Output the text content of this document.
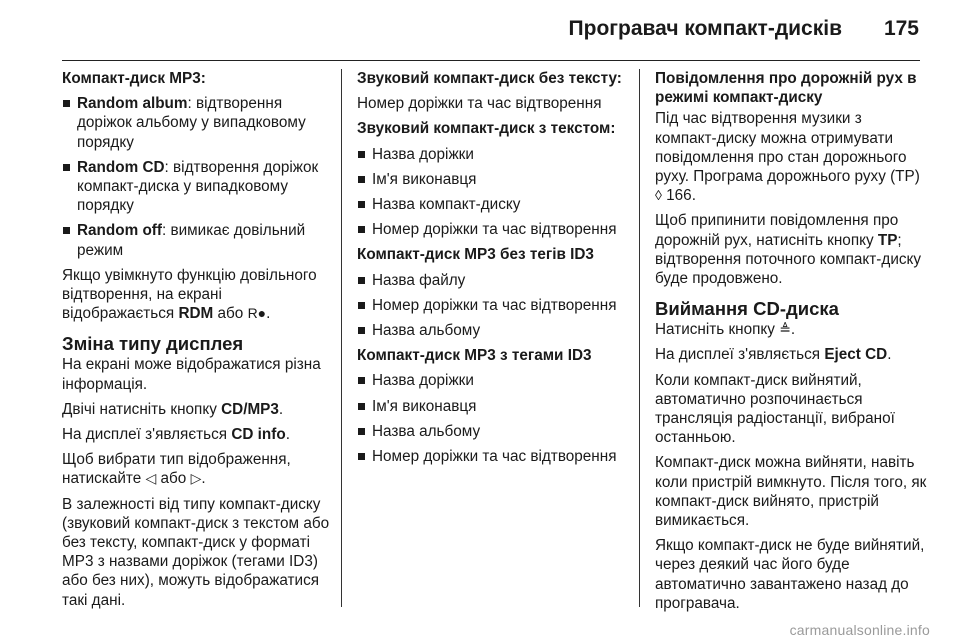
Програвач компакт-дисків 175

Компакт-диск MP3:

Random album: відтворення доріжок альбому у випадковому порядку
Random CD: відтворення доріжок компакт-диска у випадковому порядку
Random off: вимикає довільний режим

Якщо увімкнуто функцію довільного відтворення, на екрані відображається RDM або R●.

Зміна типу дисплея

На екрані може відображатися різна інформація.

Двічі натисніть кнопку CD/MP3.

На дисплеї з'являється CD info.

Щоб вибрати тип відображення, натискайте ◁ або ▷.

В залежності від типу компакт-диску (звуковий компакт-диск з текстом або без тексту, компакт-диск у форматі MP3 з назвами доріжок (тегами ID3) або без них), можуть відображатися такі дані.

Звуковий компакт-диск без тексту:

Номер доріжки та час відтворення

Звуковий компакт-диск з текстом:

Назва доріжки
Ім'я виконавця
Назва компакт-диску
Номер доріжки та час відтворення

Компакт-диск MP3 без тегів ID3

Назва файлу
Номер доріжки та час відтворення
Назва альбому

Компакт-диск MP3 з тегами ID3

Назва доріжки
Ім'я виконавця
Назва альбому
Номер доріжки та час відтворення

Повідомлення про дорожній рух в режимі компакт-диску

Під час відтворення музики з компакт-диску можна отримувати повідомлення про стан дорожнього руху. Програма дорожнього руху (TP) ◊ 166.

Щоб припинити повідомлення про дорожній рух, натисніть кнопку TP; відтворення поточного компакт-диску буде продовжено.

Виймання CD-диска

Натисніть кнопку ≜.

На дисплеї з'являється Eject CD.

Коли компакт-диск вийнятий, автоматично розпочинається трансляція радіостанції, вибраної останньою.

Компакт-диск можна вийняти, навіть коли пристрій вимкнуто. Після того, як компакт-диск вийнято, пристрій вимикається.

Якщо компакт-диск не буде вийнятий, через деякий час його буде автоматично завантажено назад до програвача.

carmanualsonline.info
